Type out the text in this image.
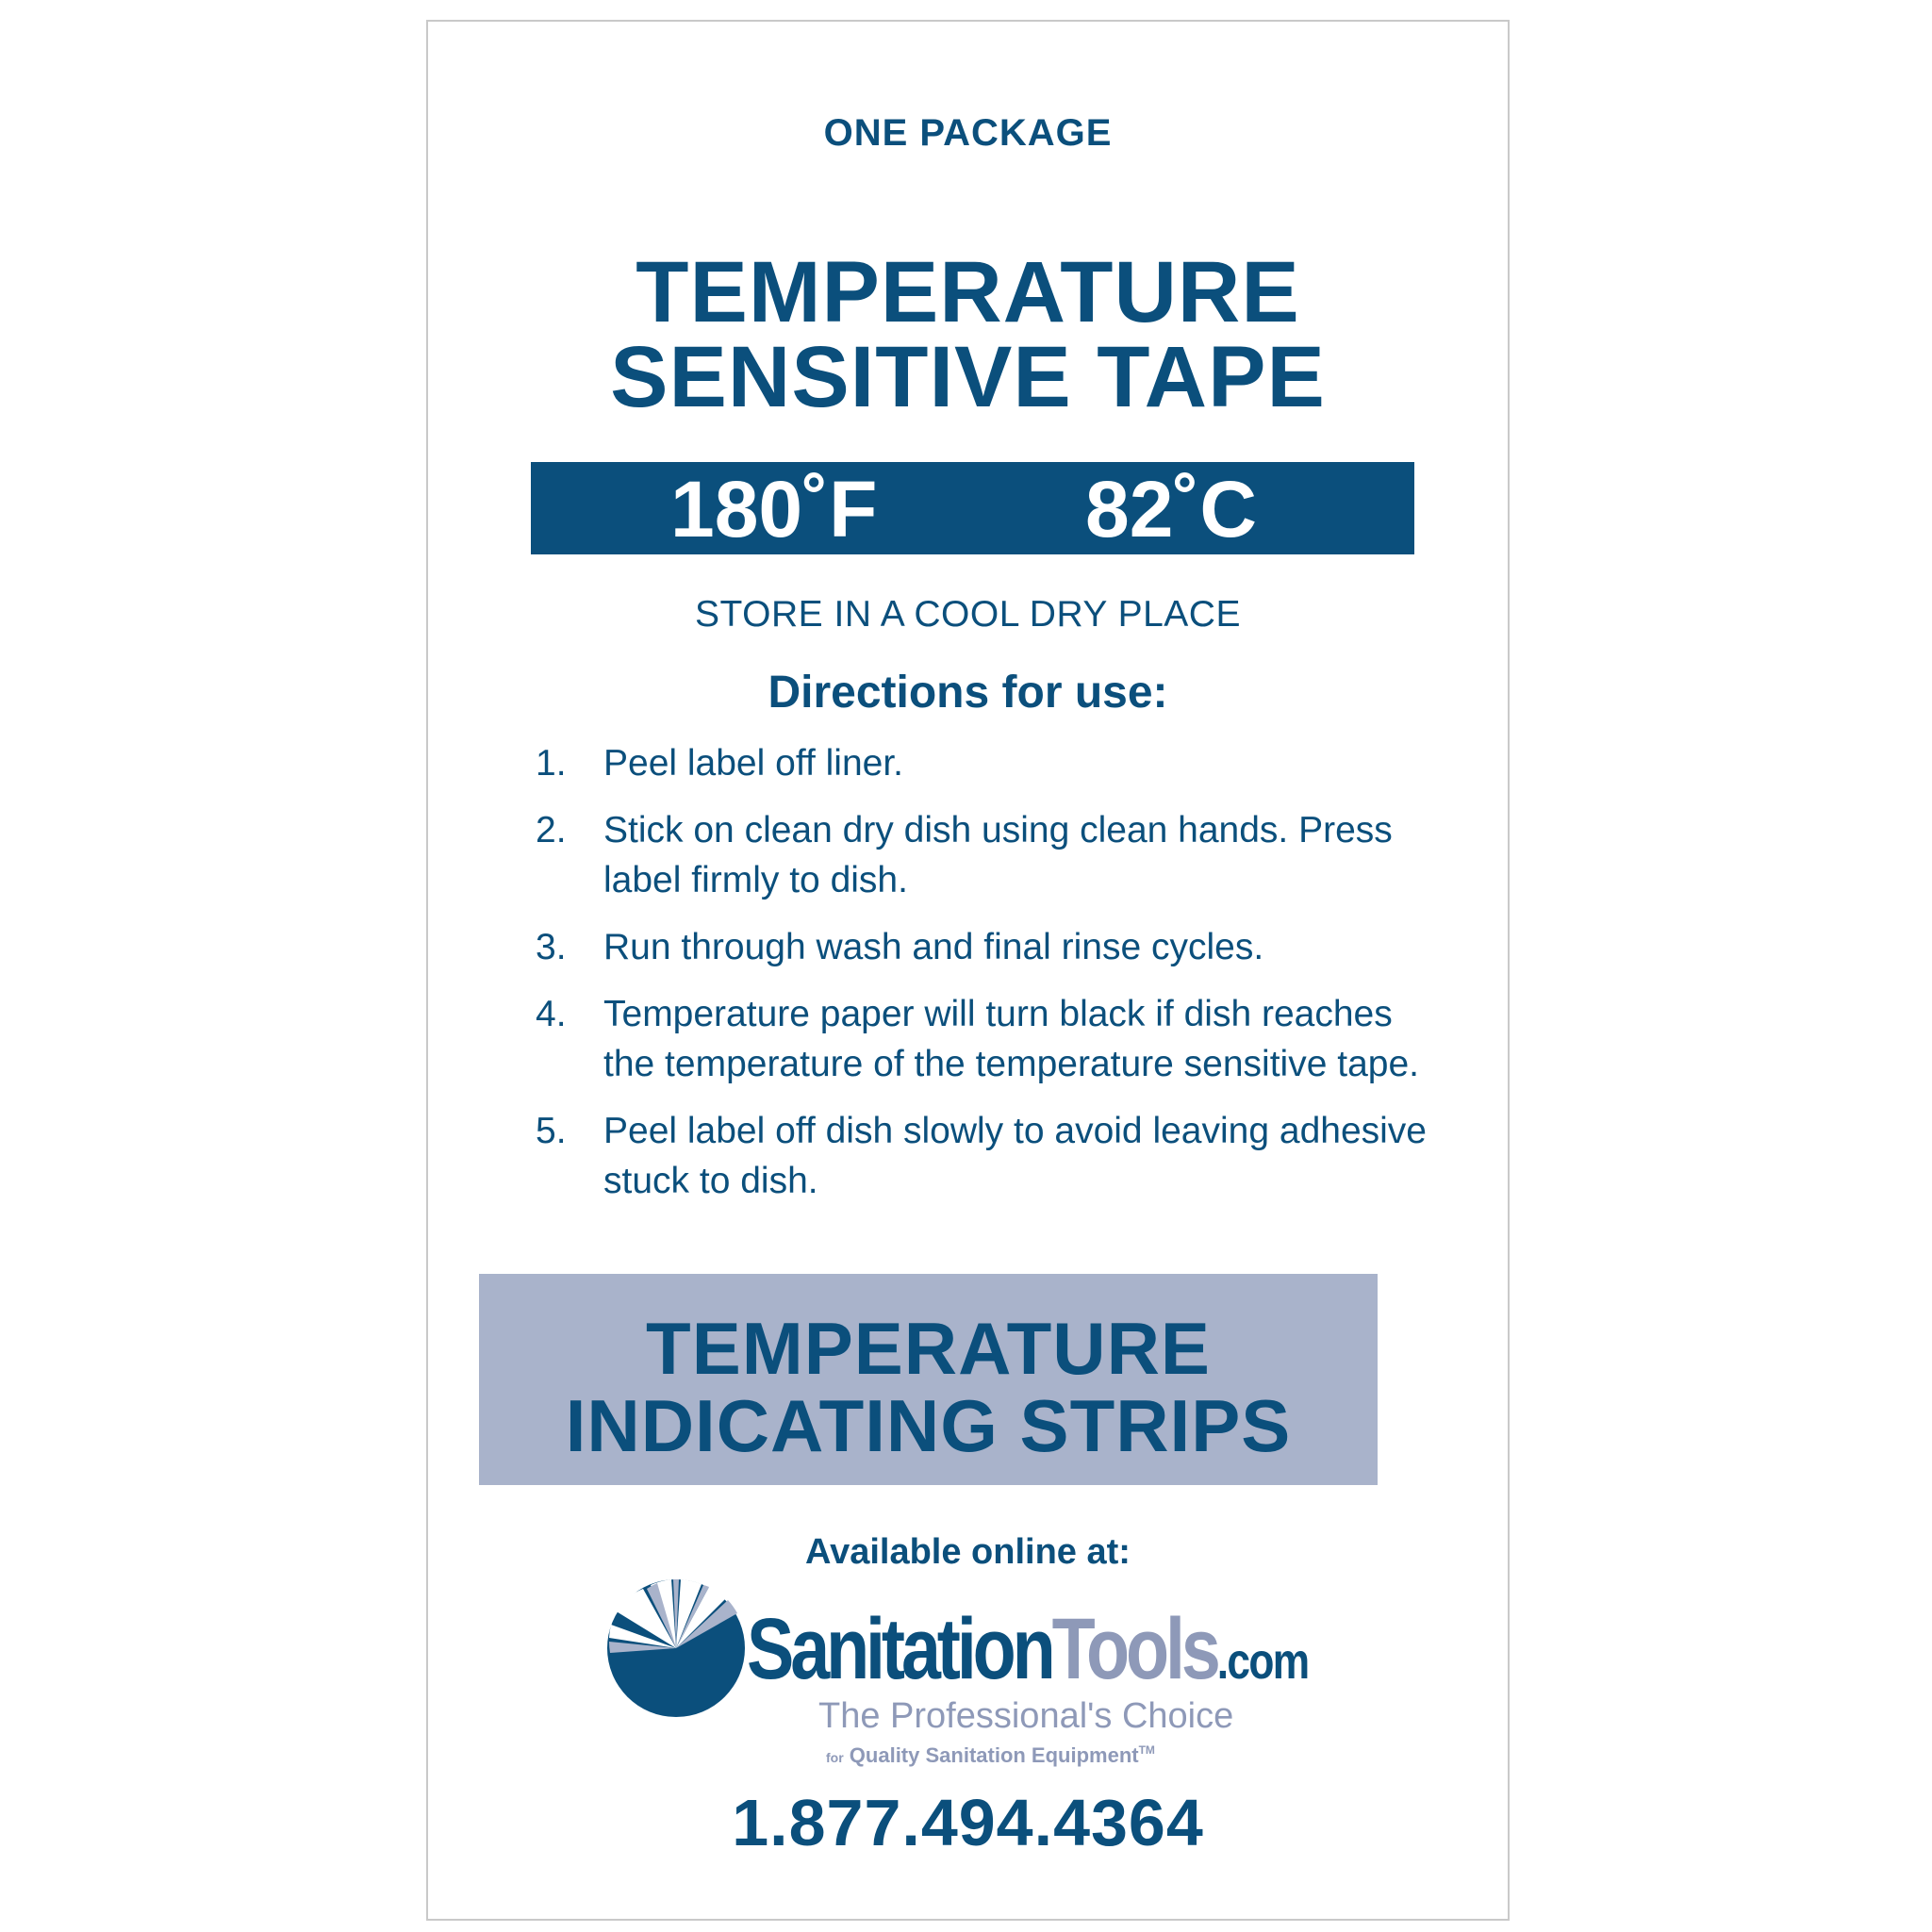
ONE PACKAGE
TEMPERATURE
SENSITIVE TAPE
180˚F	82˚C
STORE IN A COOL DRY PLACE
Directions for use:
1. Peel label off liner.
2. Stick on clean dry dish using clean hands. Press label firmly to dish.
3. Run through wash and final rinse cycles.
4. Temperature paper will turn black if dish reaches the temperature of the temperature sensitive tape.
5. Peel label off dish slowly to avoid leaving adhesive stuck to dish.
TEMPERATURE
INDICATING STRIPS
Available online at:
SanitationTools.com
The Professional's Choice
for Quality Sanitation Equipment™
1.877.494.4364
